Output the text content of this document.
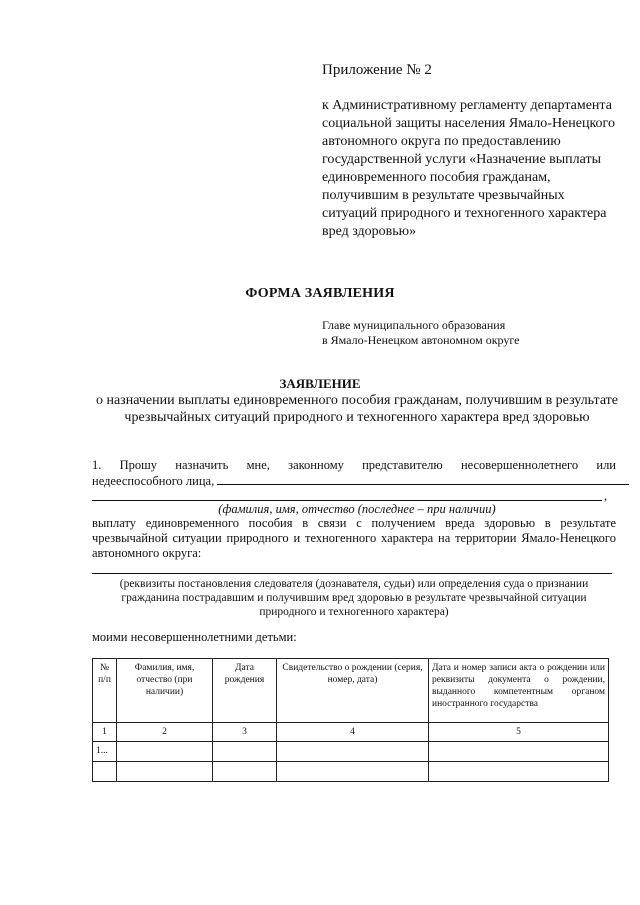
Приложение № 2
к Административному регламенту департамента социальной защиты населения Ямало-Ненецкого автономного округа по предоставлению государственной услуги «Назначение выплаты единовременного пособия гражданам, получившим в результате чрезвычайных ситуаций природного и техногенного характера вред здоровью»
ФОРМА ЗАЯВЛЕНИЯ
Главе муниципального образования
в Ямало-Ненецком автономном округе
ЗАЯВЛЕНИЕ
о назначении выплаты единовременного пособия гражданам, получившим в результате чрезвычайных ситуаций природного и техногенного характера вред здоровью
1. Прошу назначить мне, законному представителю несовершеннолетнего или
недееспособного лица,
,
(фамилия, имя, отчество (последнее – при наличии)
выплату единовременного пособия в связи с получением вреда здоровью в результате чрезвычайной ситуации природного и техногенного характера на территории Ямало-Ненецкого автономного округа:
(реквизиты постановления следователя (дознавателя, судьи) или определения суда о признании гражданина пострадавшим и получившим вред здоровью в результате чрезвычайной ситуации природного и техногенного характера)
моими несовершеннолетними детьми:
№ п/п	Фамилия, имя, отчество (при наличии)	Дата рождения	Свидетельство о рождении (серия, номер, дата)	Дата и номер записи акта о рождении или реквизиты документа о рождении, выданного компетентным органом иностранного государства
1	2	3	4	5
1...				
